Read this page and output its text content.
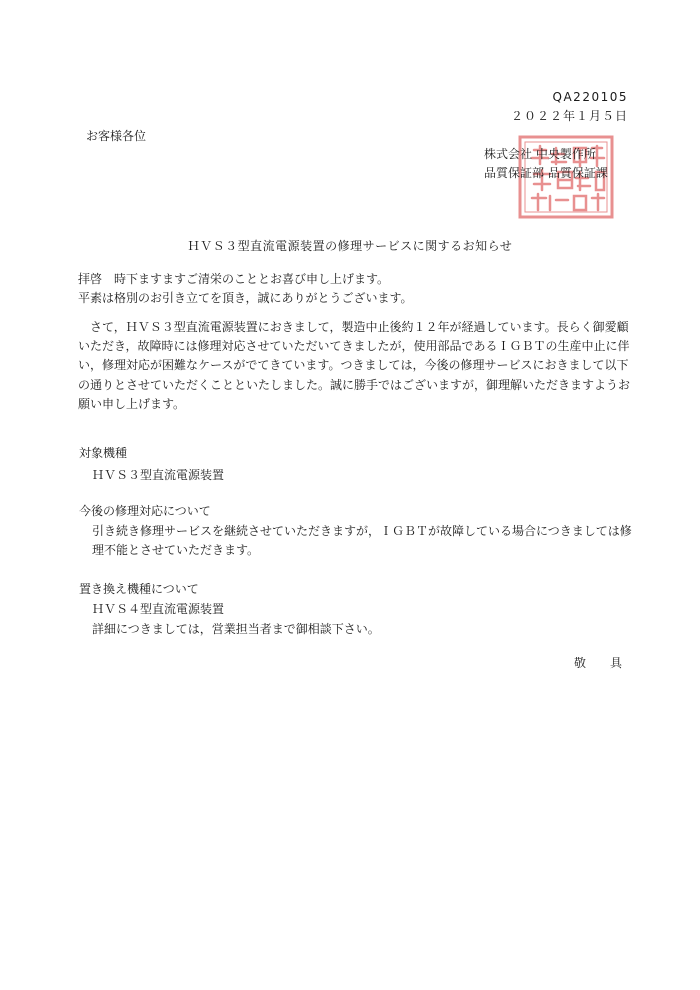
QA220105
２０２２年１月５日
お客様各位
株式会社 中央製作所
品質保証部 品質保証課
ＨＶＳ３型直流電源装置の修理サービスに関するお知らせ
拝啓　時下ますますご清栄のこととお喜び申し上げます。
平素は格別のお引き立てを頂き，誠にありがとうございます。
さて，ＨＶＳ３型直流電源装置におきまして，製造中止後約１２年が経過しています。長らく御愛顧いただき，故障時には修理対応させていただいてきましたが，使用部品であるＩＧＢＴの生産中止に伴い，修理対応が困難なケースがでてきています。つきましては，今後の修理サービスにおきまして以下の通りとさせていただくことといたしました。誠に勝手ではございますが，御理解いただきますようお願い申し上げます。
対象機種
ＨＶＳ３型直流電源装置
今後の修理対応について
引き続き修理サービスを継続させていただきますが，ＩＧＢＴが故障している場合につきましては修理不能とさせていただきます。
置き換え機種について
ＨＶＳ４型直流電源装置
詳細につきましては，営業担当者まで御相談下さい。
敬　具
